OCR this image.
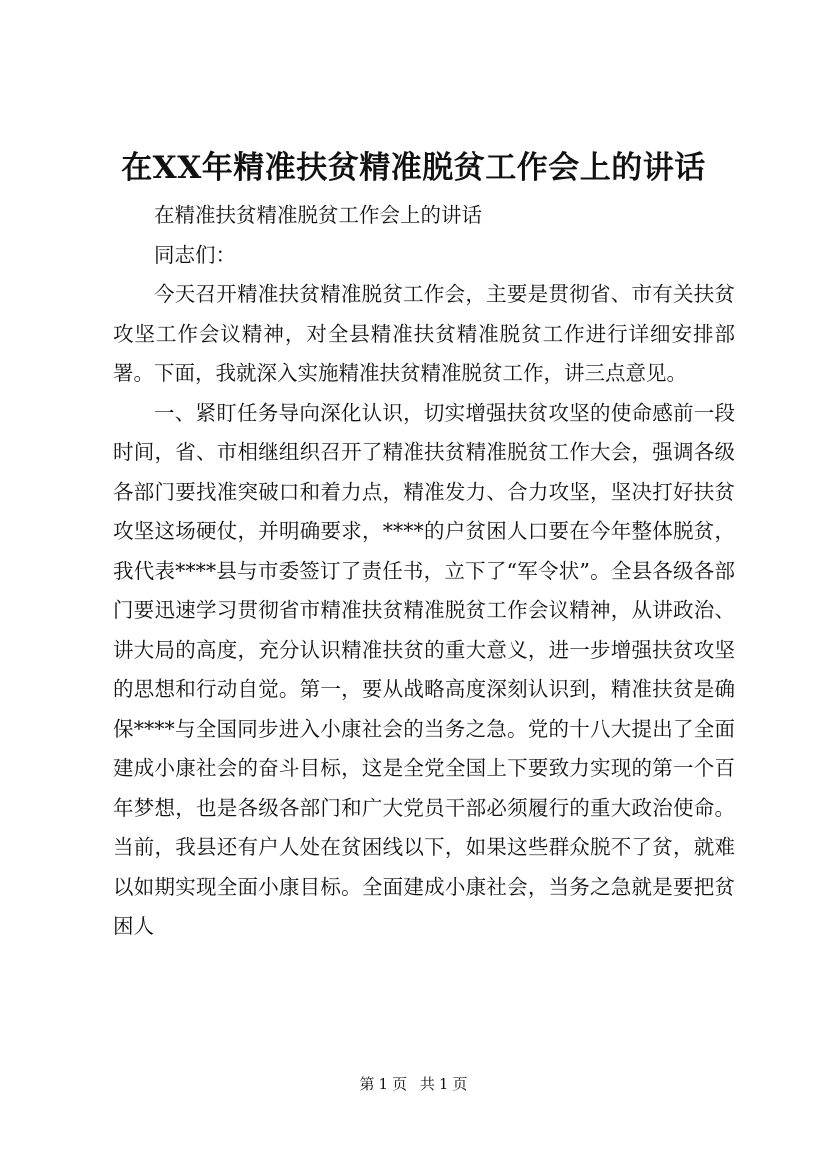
在XX年精准扶贫精准脱贫工作会上的讲话

在精准扶贫精准脱贫工作会上的讲话

同志们：

今天召开精准扶贫精准脱贫工作会，主要是贯彻省、市有关扶贫攻坚工作会议精神，对全县精准扶贫精准脱贫工作进行详细安排部署。下面，我就深入实施精准扶贫精准脱贫工作，讲三点意见。

一、紧盯任务导向深化认识，切实增强扶贫攻坚的使命感前一段时间，省、市相继组织召开了精准扶贫精准脱贫工作大会，强调各级各部门要找准突破口和着力点，精准发力、合力攻坚，坚决打好扶贫攻坚这场硬仗，并明确要求，****的户贫困人口要在今年整体脱贫，我代表****县与市委签订了责任书，立下了“军令状”。全县各级各部门要迅速学习贯彻省市精准扶贫精准脱贫工作会议精神，从讲政治、讲大局的高度，充分认识精准扶贫的重大意义，进一步增强扶贫攻坚的思想和行动自觉。第一，要从战略高度深刻认识到，精准扶贫是确保****与全国同步进入小康社会的当务之急。党的十八大提出了全面建成小康社会的奋斗目标，这是全党全国上下要致力实现的第一个百年梦想，也是各级各部门和广大党员干部必须履行的重大政治使命。当前，我县还有户人处在贫困线以下，如果这些群众脱不了贫，就难以如期实现全面小康目标。全面建成小康社会，当务之急就是要把贫困人

第 1 页 共 1 页
